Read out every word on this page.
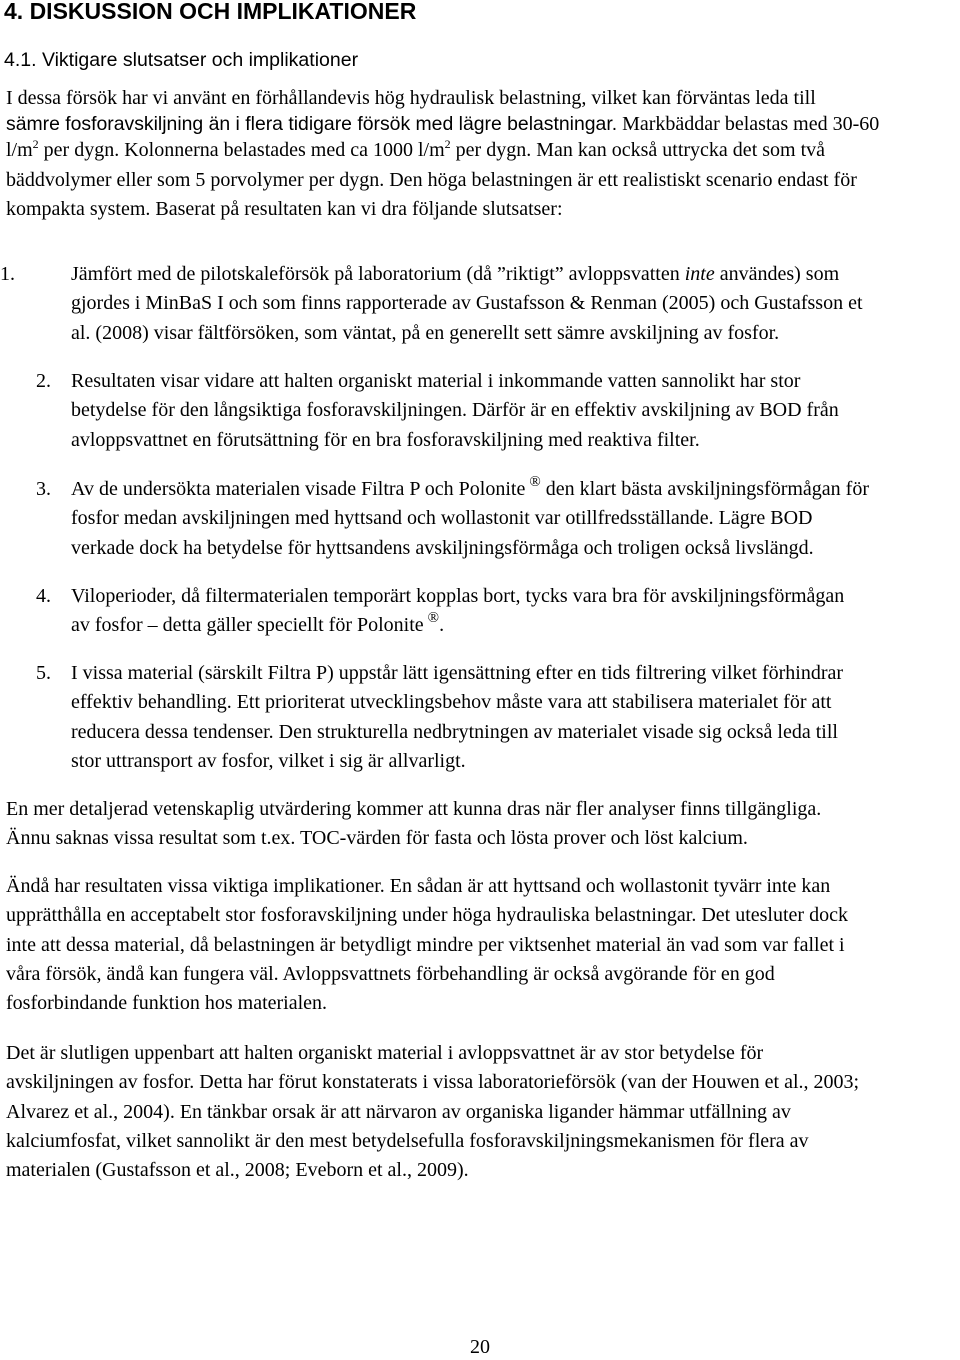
4. DISKUSSION OCH IMPLIKATIONER
4.1. Viktigare slutsatser och implikationer
I dessa försök har vi använt en förhållandevis hög hydraulisk belastning, vilket kan förväntas leda till
sämre fosforavskiljning än i flera tidigare försök med lägre belastningar. Markbäddar belastas med 30-60
$l/m^2$ per dygn. Kolonnerna belastades med ca 1000 $l/m^2$ per dygn. Man kan också uttrycka det som två
bäddvolymer eller som 5 porvolymer per dygn. Den höga belastningen är ett realistiskt scenario endast för
kompakta system. Baserat på resultaten kan vi dra följande slutsatser:
1.	Jämfört med de pilotskaleförsök på laboratorium (då ”riktigt” avloppsvatten inte användes) som
gjordes i MinBaS I och som finns rapporterade av Gustafsson & Renman (2005) och Gustafsson et
al. (2008) visar fältförsöken, som väntat, på en generellt sett sämre avskiljning av fosfor.
2. Resultaten visar vidare att halten organiskt material i inkommande vatten sannolikt har stor
betydelse för den långsiktiga fosforavskiljningen. Därför är en effektiv avskiljning av BOD från
avloppsvattnet en förutsättning för en bra fosforavskiljning med reaktiva filter.
3. Av de undersökta materialen visade Filtra P och Polonite ® den klart bästa avskiljningsförmågan för
fosfor medan avskiljningen med hyttsand och wollastonit var otillfredsställande. Lägre BOD
verkade dock ha betydelse för hyttsandens avskiljningsförmåga och troligen också livslängd.
4. Viloperioder, då filtermaterialen temporärt kopplas bort, tycks vara bra för avskiljningsförmågan
av fosfor – detta gäller speciellt för Polonite ®.
5. I vissa material (särskilt Filtra P) uppstår lätt igensättning efter en tids filtrering vilket förhindrar
effektiv behandling. Ett prioriterat utvecklingsbehov måste vara att stabilisera materialet för att
reducera dessa tendenser. Den strukturella nedbrytningen av materialet visade sig också leda till
stor uttransport av fosfor, vilket i sig är allvarligt.
En mer detaljerad vetenskaplig utvärdering kommer att kunna dras när fler analyser finns tillgängliga.
Ännu saknas vissa resultat som t.ex. TOC-värden för fasta och lösta prover och löst kalcium.
Ändå har resultaten vissa viktiga implikationer. En sådan är att hyttsand och wollastonit tyvärr inte kan
upprätthålla en acceptabelt stor fosforavskiljning under höga hydrauliska belastningar. Det utesluter dock
inte att dessa material, då belastningen är betydligt mindre per viktsenhet material än vad som var fallet i
våra försök, ändå kan fungera väl. Avloppsvattnets förbehandling är också avgörande för en god
fosforbindande funktion hos materialen.
Det är slutligen uppenbart att halten organiskt material i avloppsvattnet är av stor betydelse för
avskiljningen av fosfor. Detta har förut konstaterats i vissa laboratorieförsök (van der Houwen et al., 2003;
Alvarez et al., 2004). En tänkbar orsak är att närvaron av organiska ligander hämmar utfällning av
kalciumfosfat, vilket sannolikt är den mest betydelsefulla fosforavskiljningsmekanismen för flera av
materialen (Gustafsson et al., 2008; Eveborn et al., 2009).
20
